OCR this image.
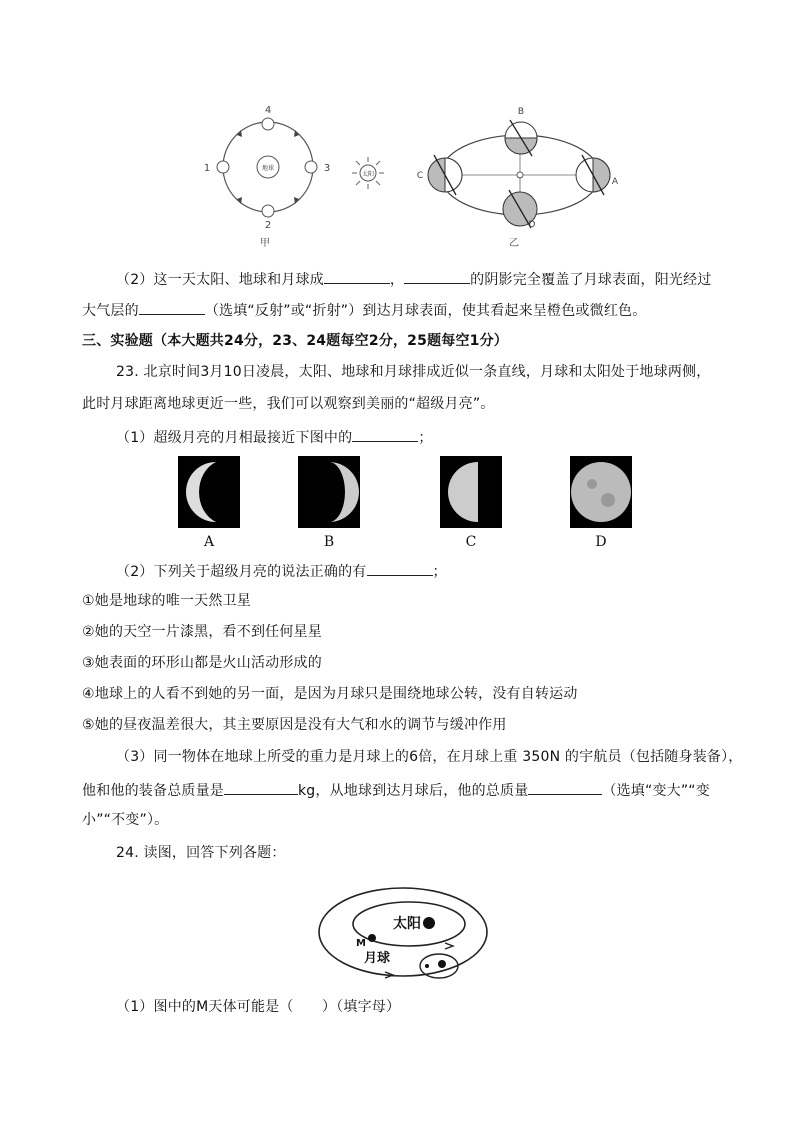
地球
4
1	3
2
甲
太阳
B
C
A
D
乙
（2）这一天太阳、地球和月球成	，	的阴影完全覆盖了月球表面，阳光经过
大气层的	（选填“反射”或“折射”）到达月球表面，使其看起来呈橙色或微红色。
三、实验题（本大题共24分，23、24题每空2分，25题每空1分）
23. 北京时间3月10日凌晨，太阳、地球和月球排成近似一条直线，月球和太阳处于地球两侧，
此时月球距离地球更近一些，我们可以观察到美丽的“超级月亮”。
（1）超级月亮的月相最接近下图中的	；
A	B	C	D
（2）下列关于超级月亮的说法正确的有	；
①她是地球的唯一天然卫星
②她的天空一片漆黑，看不到任何星星
③她表面的环形山都是火山活动形成的
④地球上的人看不到她的另一面，是因为月球只是围绕地球公转，没有自转运动
⑤她的昼夜温差很大，其主要原因是没有大气和水的调节与缓冲作用
（3）同一物体在地球上所受的重力是月球上的6倍，在月球上重 350N 的宇航员（包括随身装备），
他和他的装备总质量是	kg，从地球到达月球后，他的总质量	（选填“变大”“变
小”“不变”）。
24. 读图，回答下列各题：
太阳
M
月球
（1）图中的M天体可能是（　　）（填字母）
